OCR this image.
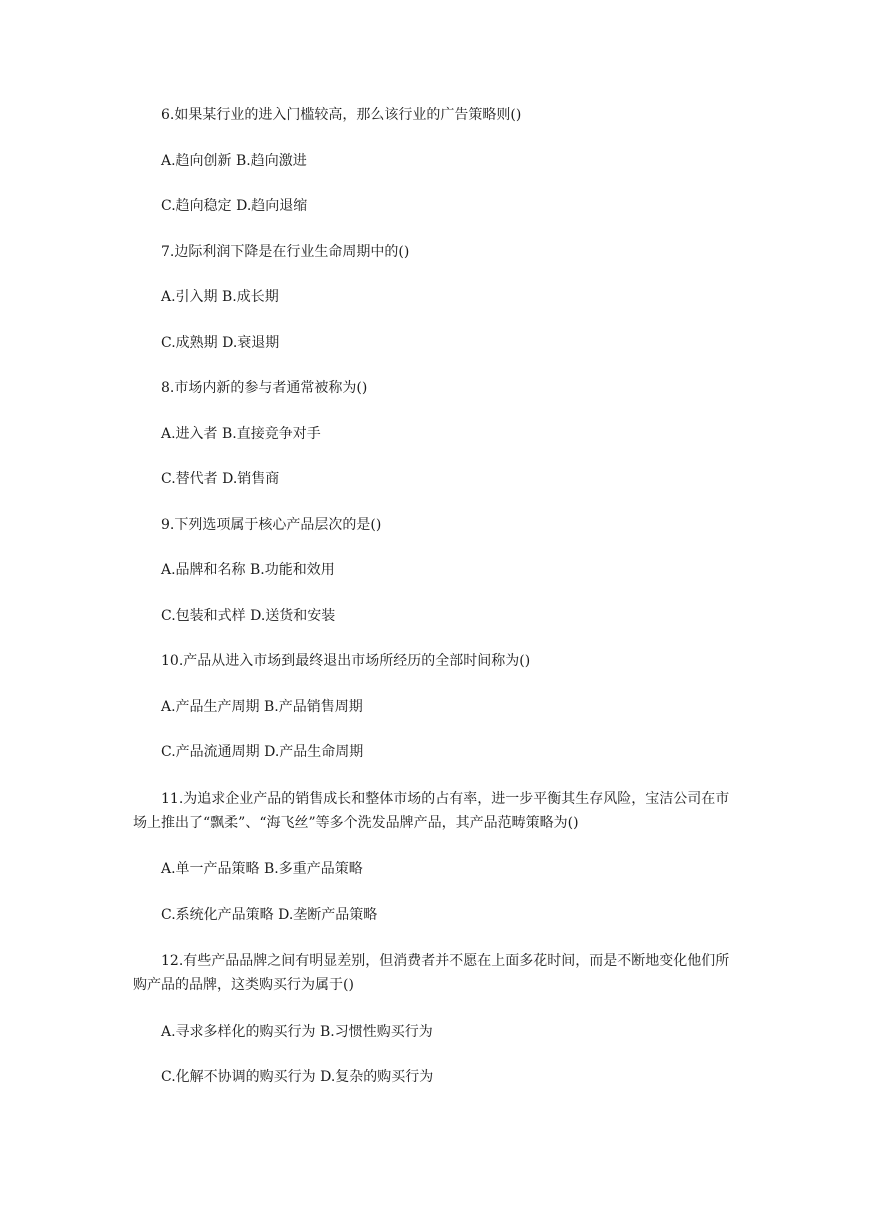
6.如果某行业的进入门槛较高，那么该行业的广告策略则()

A.趋向创新 B.趋向激进

C.趋向稳定 D.趋向退缩

7.边际利润下降是在行业生命周期中的()

A.引入期 B.成长期

C.成熟期 D.衰退期

8.市场内新的参与者通常被称为()

A.进入者 B.直接竞争对手

C.替代者 D.销售商

9.下列选项属于核心产品层次的是()

A.品牌和名称 B.功能和效用

C.包装和式样 D.送货和安装

10.产品从进入市场到最终退出市场所经历的全部时间称为()

A.产品生产周期 B.产品销售周期

C.产品流通周期 D.产品生命周期

11.为追求企业产品的销售成长和整体市场的占有率，进一步平衡其生存风险，宝洁公司在市场上推出了“飘柔”、“海飞丝”等多个洗发品牌产品，其产品范畴策略为()

A.单一产品策略 B.多重产品策略

C.系统化产品策略 D.垄断产品策略

12.有些产品品牌之间有明显差别，但消费者并不愿在上面多花时间，而是不断地变化他们所购产品的品牌，这类购买行为属于()

A.寻求多样化的购买行为 B.习惯性购买行为

C.化解不协调的购买行为 D.复杂的购买行为
